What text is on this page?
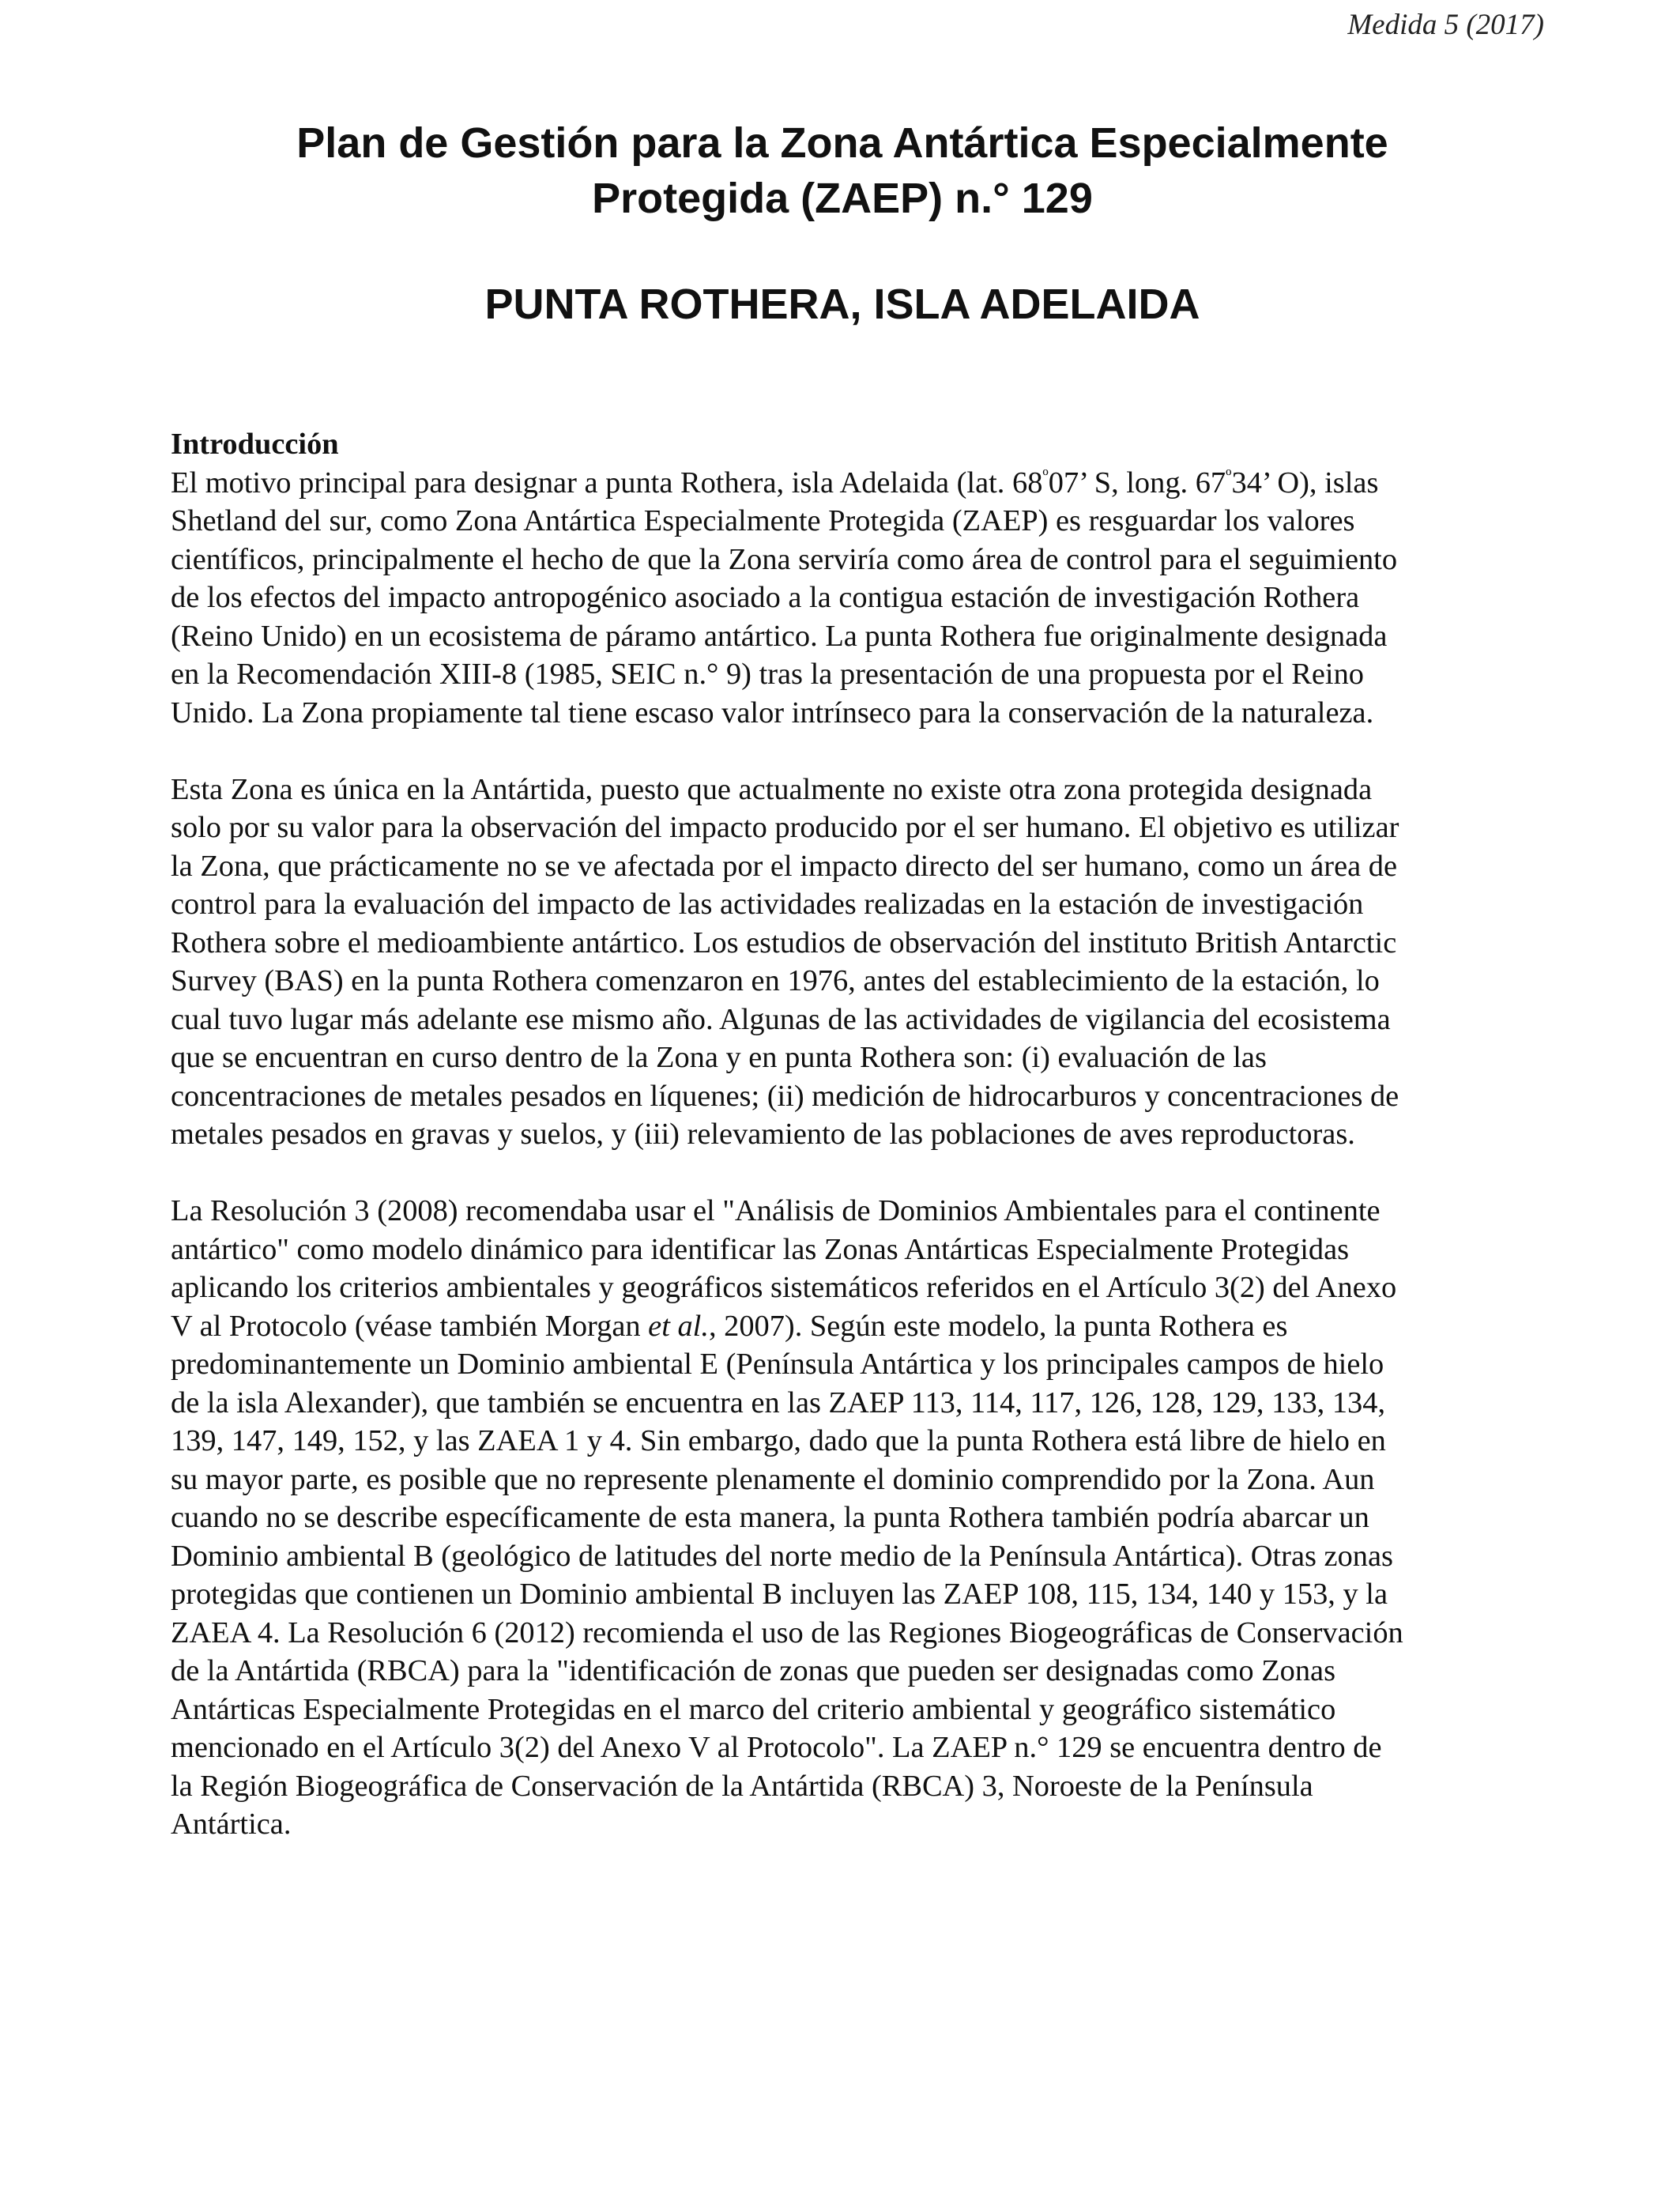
Medida 5 (2017)
Plan de Gestión para la Zona Antártica Especialmente
Protegida (ZAEP) n.° 129
PUNTA ROTHERA, ISLA ADELAIDA
Introducción

El motivo principal para designar a punta Rothera, isla Adelaida (lat. $68^º07$’ S, long. $67^º34$’ O), islas
Shetland del sur, como Zona Antártica Especialmente Protegida (ZAEP) es resguardar los valores
científicos, principalmente el hecho de que la Zona serviría como área de control para el seguimiento
de los efectos del impacto antropogénico asociado a la contigua estación de investigación Rothera
(Reino Unido) en un ecosistema de páramo antártico. La punta Rothera fue originalmente designada
en la Recomendación XIII-8 (1985, SEIC n.° 9) tras la presentación de una propuesta por el Reino
Unido. La Zona propiamente tal tiene escaso valor intrínseco para la conservación de la naturaleza.

Esta Zona es única en la Antártida, puesto que actualmente no existe otra zona protegida designada
solo por su valor para la observación del impacto producido por el ser humano. El objetivo es utilizar
la Zona, que prácticamente no se ve afectada por el impacto directo del ser humano, como un área de
control para la evaluación del impacto de las actividades realizadas en la estación de investigación
Rothera sobre el medioambiente antártico. Los estudios de observación del instituto British Antarctic
Survey (BAS) en la punta Rothera comenzaron en 1976, antes del establecimiento de la estación, lo
cual tuvo lugar más adelante ese mismo año. Algunas de las actividades de vigilancia del ecosistema
que se encuentran en curso dentro de la Zona y en punta Rothera son: (i) evaluación de las
concentraciones de metales pesados en líquenes; (ii) medición de hidrocarburos y concentraciones de
metales pesados en gravas y suelos, y (iii) relevamiento de las poblaciones de aves reproductoras.

La Resolución 3 (2008) recomendaba usar el "Análisis de Dominios Ambientales para el continente
antártico" como modelo dinámico para identificar las Zonas Antárticas Especialmente Protegidas
aplicando los criterios ambientales y geográficos sistemáticos referidos en el Artículo 3(2) del Anexo
V al Protocolo (véase también Morgan et al., 2007). Según este modelo, la punta Rothera es
predominantemente un Dominio ambiental E (Península Antártica y los principales campos de hielo
de la isla Alexander), que también se encuentra en las ZAEP 113, 114, 117, 126, 128, 129, 133, 134,
139, 147, 149, 152, y las ZAEA 1 y 4. Sin embargo, dado que la punta Rothera está libre de hielo en
su mayor parte, es posible que no represente plenamente el dominio comprendido por la Zona. Aun
cuando no se describe específicamente de esta manera, la punta Rothera también podría abarcar un
Dominio ambiental B (geológico de latitudes del norte medio de la Península Antártica). Otras zonas
protegidas que contienen un Dominio ambiental B incluyen las ZAEP 108, 115, 134, 140 y 153, y la
ZAEA 4. La Resolución 6 (2012) recomienda el uso de las Regiones Biogeográficas de Conservación
de la Antártida (RBCA) para la "identificación de zonas que pueden ser designadas como Zonas
Antárticas Especialmente Protegidas en el marco del criterio ambiental y geográfico sistemático
mencionado en el Artículo 3(2) del Anexo V al Protocolo". La ZAEP n.° 129 se encuentra dentro de
la Región Biogeográfica de Conservación de la Antártida (RBCA) 3, Noroeste de la Península
Antártica.
